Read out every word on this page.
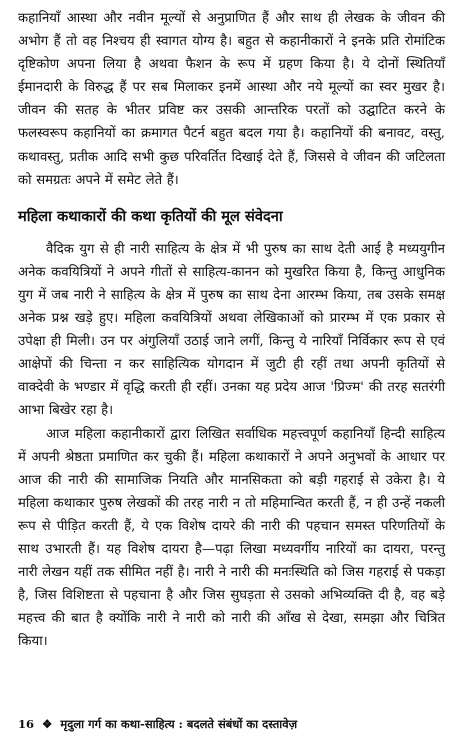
कहानियाँ आस्था और नवीन मूल्यों से अनुप्राणित हैं और साथ ही लेखक के जीवन की अभोग हैं तो वह निश्चय ही स्वागत योग्य है। बहुत से कहानीकारों ने इनके प्रति रोमांटिक दृष्टिकोण अपना लिया है अथवा फैशन के रूप में ग्रहण किया है। ये दोनों स्थितियाँ ईमानदारी के विरुद्ध हैं पर सब मिलाकर इनमें आस्था और नये मूल्यों का स्वर मुखर है। जीवन की सतह के भीतर प्रविष्ट कर उसकी आन्तरिक परतों को उद्घाटित करने के फलस्वरूप कहानियों का क्रमागत पैटर्न बहुत बदल गया है। कहानियों की बनावट, वस्तु, कथावस्तु, प्रतीक आदि सभी कुछ परिवर्तित दिखाई देते हैं, जिससे वे जीवन की जटिलता को समग्रतः अपने में समेट लेते हैं।

महिला कथाकारों की कथा कृतियों की मूल संवेदना

वैदिक युग से ही नारी साहित्य के क्षेत्र में भी पुरुष का साथ देती आई है मध्ययुगीन अनेक कवयित्रियों ने अपने गीतों से साहित्य-कानन को मुखरित किया है, किन्तु आधुनिक युग में जब नारी ने साहित्य के क्षेत्र में पुरुष का साथ देना आरम्भ किया, तब उसके समक्ष अनेक प्रश्न खड़े हुए। महिला कवयित्रियों अथवा लेखिकाओं को प्रारम्भ में एक प्रकार से उपेक्षा ही मिली। उन पर अंगुलियाँ उठाई जाने लगीं, किन्तु ये नारियाँ निर्विकार रूप से एवं आक्षेपों की चिन्ता न कर साहित्यिक योगदान में जुटी ही रहीं तथा अपनी कृतियों से वाक्देवी के भण्डार में वृद्धि करती ही रहीं। उनका यह प्रदेय आज 'प्रिज्म' की तरह सतरंगी आभा बिखेर रहा है।

आज महिला कहानीकारों द्वारा लिखित सर्वाधिक महत्त्वपूर्ण कहानियाँ हिन्दी साहित्य में अपनी श्रेष्ठता प्रमाणित कर चुकी हैं। महिला कथाकारों ने अपने अनुभवों के आधार पर आज की नारी की सामाजिक नियति और मानसिकता को बड़ी गहराई से उकेरा है। ये महिला कथाकार पुरुष लेखकों की तरह नारी न तो महिमान्वित करती हैं, न ही उन्हें नकली रूप से पीड़ित करती हैं, ये एक विशेष दायरे की नारी की पहचान समस्त परिणतियों के साथ उभारती हैं। यह विशेष दायरा है—पढ़ा लिखा मध्यवर्गीय नारियों का दायरा, परन्तु नारी लेखन यहीं तक सीमित नहीं है। नारी ने नारी की मनःस्थिति को जिस गहराई से पकड़ा है, जिस विशिष्टता से पहचाना है और जिस सुघड़ता से उसको अभिव्यक्ति दी है, वह बड़े महत्त्व की बात है क्योंकि नारी ने नारी को नारी की आँख से देखा, समझा और चित्रित किया।

16 ❖ मृदुला गर्ग का कथा-साहित्य : बदलते संबंधों का दस्तावेज़
